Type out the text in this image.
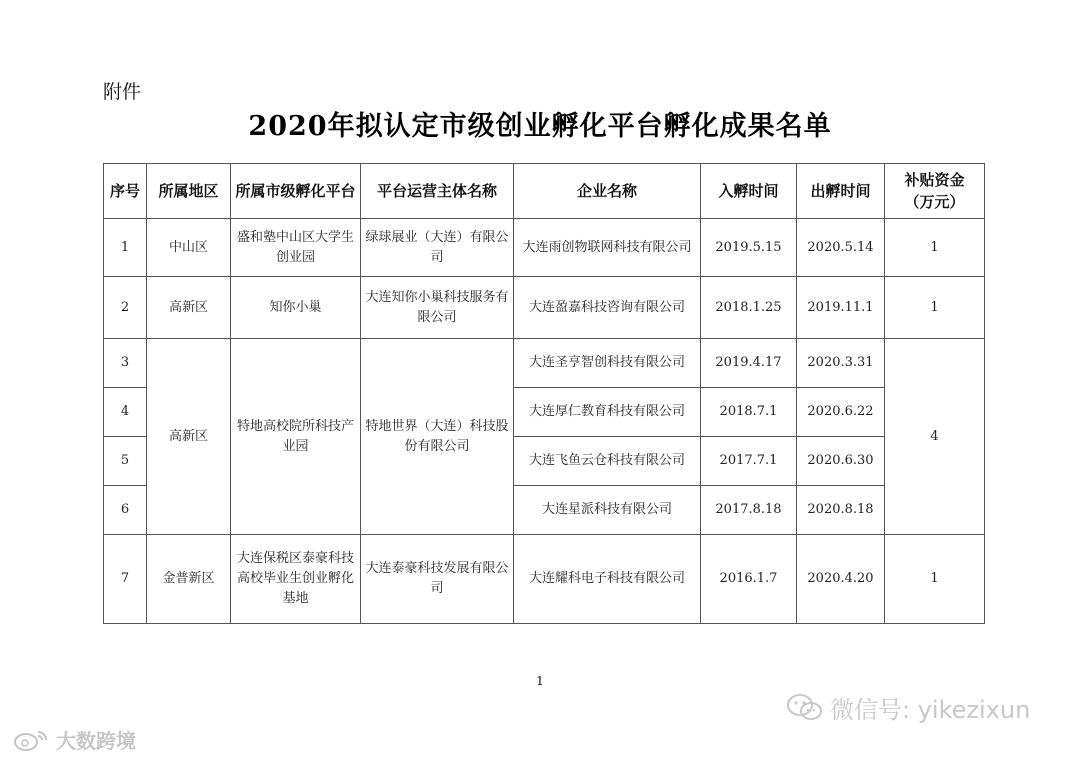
附件
2020年拟认定市级创业孵化平台孵化成果名单
序号	所属地区	所属市级孵化平台	平台运营主体名称	企业名称	入孵时间	出孵时间	补贴资金
（万元）
1	中山区	盛和塾中山区大学生创业园	绿球展业（大连）有限公司	大连雨创物联网科技有限公司	2019.5.15	2020.5.14	1
2	高新区	知你小巢	大连知你小巢科技服务有限公司	大连盈嘉科技咨询有限公司	2018.1.25	2019.11.1	1
3	高新区	特地高校院所科技产业园	特地世界（大连）科技股份有限公司	大连圣亨智创科技有限公司	2019.4.17	2020.3.31	4
4				大连厚仁教育科技有限公司	2018.7.1	2020.6.22	
5				大连飞鱼云仓科技有限公司	2017.7.1	2020.6.30	
6				大连星派科技有限公司	2017.8.18	2020.8.18	
7	金普新区	大连保税区泰豪科技高校毕业生创业孵化基地	大连泰豪科技发展有限公司	大连耀科电子科技有限公司	2016.1.7	2020.4.20	1
1
微信号: yikezixun
大数跨境
